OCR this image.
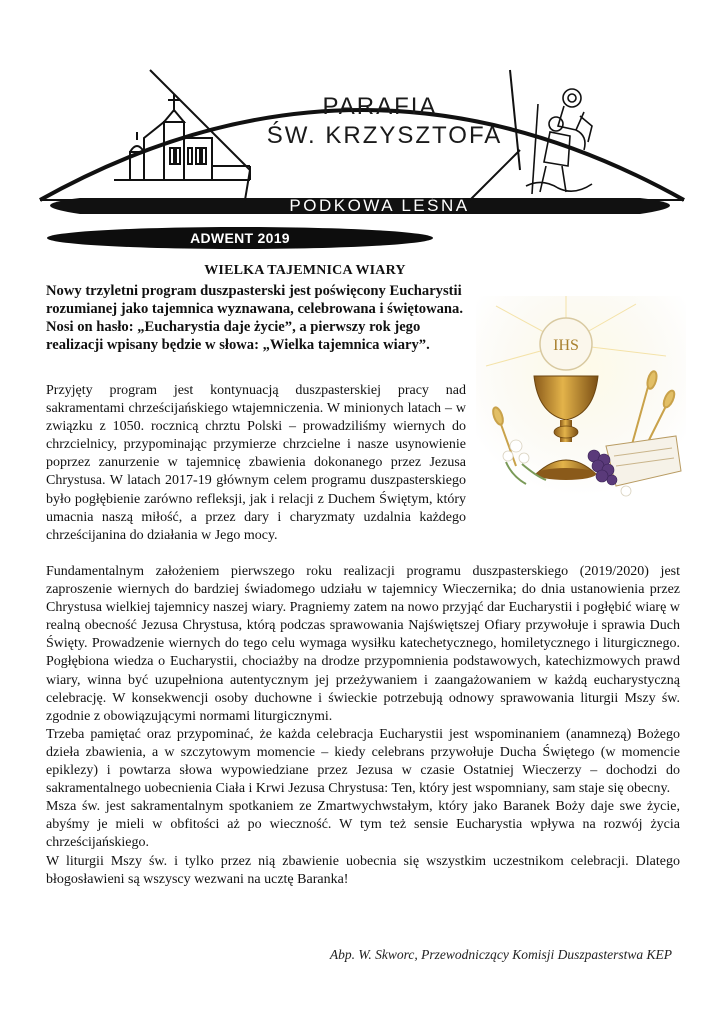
PARAFIA
ŚW. KRZYSZTOFA
PODKOWA LEŚNA
ADWENT 2019
WIELKA TAJEMNICA WIARY

Nowy trzyletni program duszpasterski jest poświęcony Eucharystii rozumianej jako tajemnica wyznawana, celebrowana i świętowana. Nosi on hasło: „Eucharystia daje życie”, a pierwszy rok jego realizacji wpisany będzie w słowa: „Wielka tajemnica wiary”.

Przyjęty program jest kontynuacją duszpasterskiej pracy nad sakramentami chrześcijańskiego wtajemniczenia. W minionych latach – w związku z 1050. rocznicą chrztu Polski – prowadziliśmy wiernych do chrzcielnicy, przypominając przymierze chrzcielne i nasze usynowienie poprzez zanurzenie w tajemnicę zbawienia dokonanego przez Jezusa Chrystusa. W latach 2017-19 głównym celem programu duszpasterskiego było pogłębienie zarówno refleksji, jak i relacji z Duchem Świętym, który umacnia naszą miłość, a przez dary i charyzmaty uzdalnia każdego chrześcijanina do działania w Jego mocy.

IHS

Fundamentalnym założeniem pierwszego roku realizacji programu duszpasterskiego (2019/2020) jest zaproszenie wiernych do bardziej świadomego udziału w tajemnicy Wieczernika; do dnia ustanowienia przez Chrystusa wielkiej tajemnicy naszej wiary. Pragniemy zatem na nowo przyjąć dar Eucharystii i pogłębić wiarę w realną obecność Jezusa Chrystusa, którą podczas sprawowania Najświętszej Ofiary przywołuje i sprawia Duch Święty. Prowadzenie wiernych do tego celu wymaga wysiłku katechetycznego, homiletycznego i liturgicznego. Pogłębiona wiedza o Eucharystii, chociażby na drodze przypomnienia podstawowych, katechizmowych prawd wiary, winna być uzupełniona autentycznym jej przeżywaniem i zaangażowaniem w każdą eucharystyczną celebrację. W konsekwencji osoby duchowne i świeckie potrzebują odnowy sprawowania liturgii Mszy św. zgodnie z obowiązującymi normami liturgicznymi.

Trzeba pamiętać oraz przypominać, że każda celebracja Eucharystii jest wspominaniem (anamnezą) Bożego dzieła zbawienia, a w szczytowym momencie – kiedy celebrans przywołuje Ducha Świętego (w momencie epiklezy) i powtarza słowa wypowiedziane przez Jezusa w czasie Ostatniej Wieczerzy – dochodzi do sakramentalnego uobecnienia Ciała i Krwi Jezusa Chrystusa: Ten, który jest wspomniany, sam staje się obecny.

Msza św. jest sakramentalnym spotkaniem ze Zmartwychwstałym, który jako Baranek Boży daje swe życie, abyśmy je mieli w obfitości aż po wieczność. W tym też sensie Eucharystia wpływa na rozwój życia chrześcijańskiego.

W liturgii Mszy św. i tylko przez nią zbawienie uobecnia się wszystkim uczestnikom celebracji. Dlatego błogosławieni są wszyscy wezwani na ucztę Baranka!

Abp. W. Skworc, Przewodniczący Komisji Duszpasterstwa KEP
